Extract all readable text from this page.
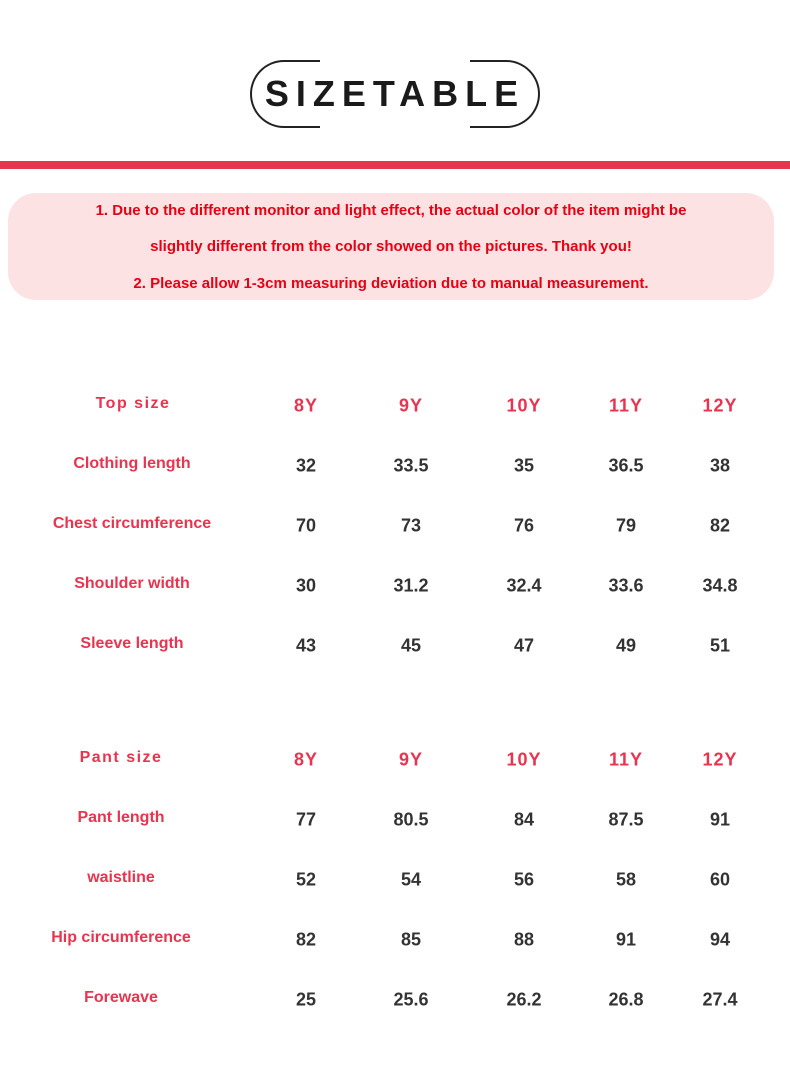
SIZETABLE

1. Due to the different monitor and light effect, the actual color of the item might be

slightly different from the color showed on the pictures. Thank you!

2. Please allow 1-3cm measuring deviation due to manual measurement.

Top size	8Y	9Y	10Y	11Y	12Y
Clothing length	32	33.5	35	36.5	38
Chest circumference	70	73	76	79	82
Shoulder width	30	31.2	32.4	33.6	34.8
Sleeve length	43	45	47	49	51
Pant size	8Y	9Y	10Y	11Y	12Y
Pant length	77	80.5	84	87.5	91
waistline	52	54	56	58	60
Hip circumference	82	85	88	91	94
Forewave	25	25.6	26.2	26.8	27.4
